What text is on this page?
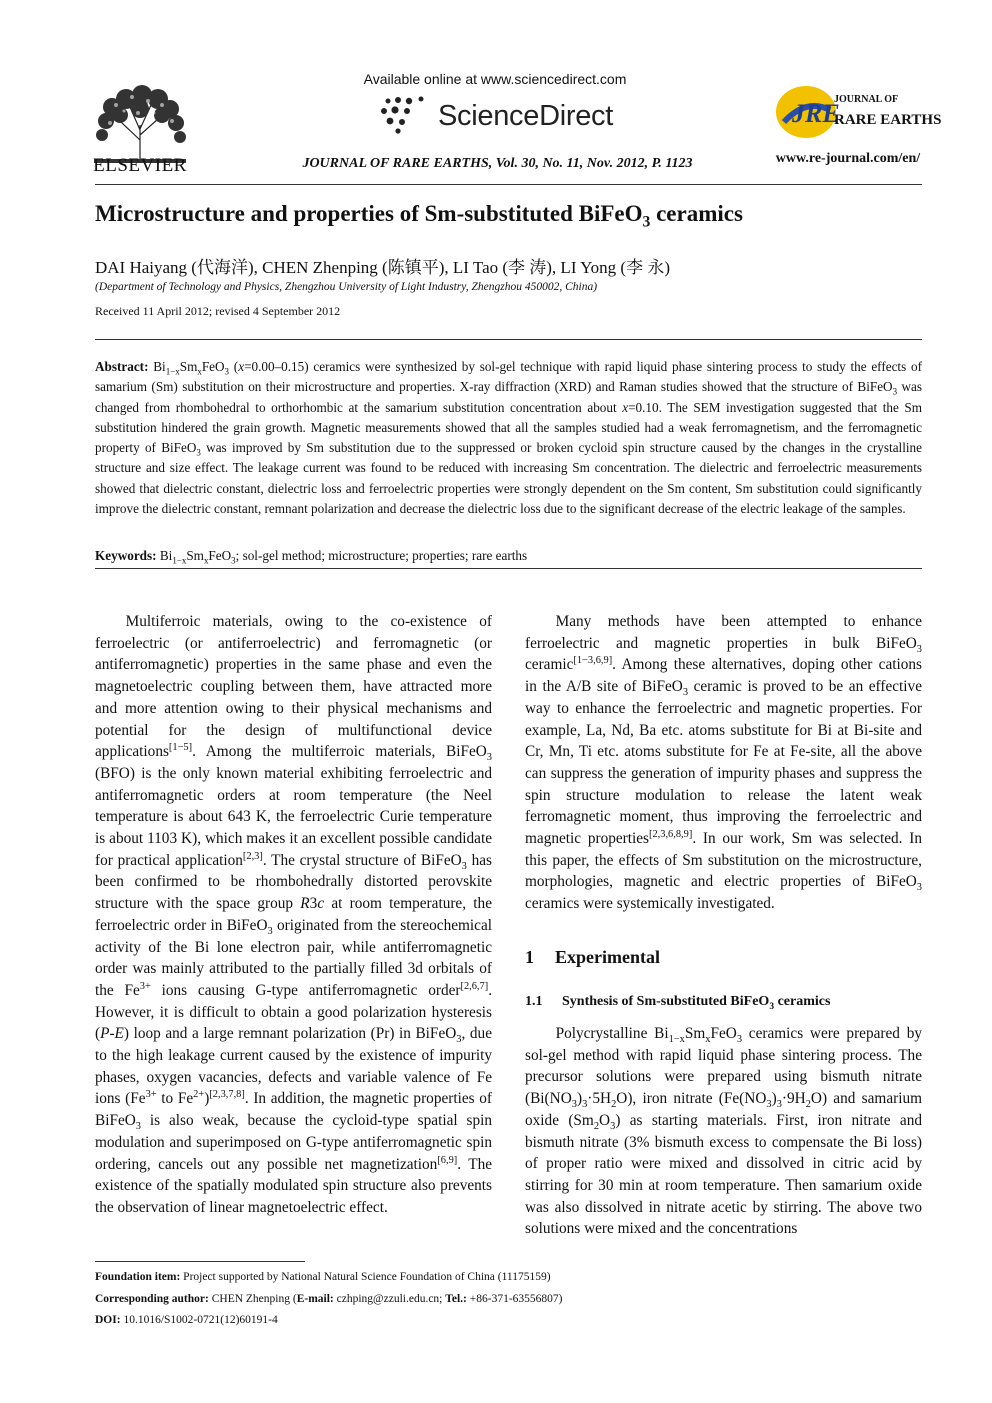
ELSEVIER
Available online at www.sciencedirect.com
ScienceDirect
JOURNAL OF RARE EARTHS, Vol. 30, No. 11, Nov. 2012, P. 1123
JRE
JOURNAL OF
RARE EARTHS
www.re-journal.com/en/
Microstructure and properties of Sm-substituted BiFeO$_3$ ceramics
DAI Haiyang (代海洋), CHEN Zhenping (陈镇平), LI Tao (李 涛), LI Yong (李 永)
(Department of Technology and Physics, Zhengzhou University of Light Industry, Zhengzhou 450002, China)
Received 11 April 2012; revised 4 September 2012
Abstract: $Bi_{1-x}Sm_xFeO_3$ (x=0.00–0.15) ceramics were synthesized by sol-gel technique with rapid liquid phase sintering process to study the effects of samarium (Sm) substitution on their microstructure and properties. X-ray diffraction (XRD) and Raman studies showed that the structure of BiFeO$_3$ was changed from rhombohedral to orthorhombic at the samarium substitution concentration about x=0.10. The SEM investigation suggested that the Sm substitution hindered the grain growth. Magnetic measurements showed that all the samples studied had a weak ferromagnetism, and the ferromagnetic property of BiFeO$_3$ was improved by Sm substitution due to the suppressed or broken cycloid spin structure caused by the changes in the crystalline structure and size effect. The leakage current was found to be reduced with increasing Sm concentration. The dielectric and ferroelectric measurements showed that dielectric constant, dielectric loss and ferroelectric properties were strongly dependent on the Sm content, Sm substitution could significantly improve the dielectric constant, remnant polarization and decrease the dielectric loss due to the significant decrease of the electric leakage of the samples.
Keywords: $Bi_{1-x}Sm_xFeO_3$; sol-gel method; microstructure; properties; rare earths

Multiferroic materials, owing to the co-existence of ferroelectric (or antiferroelectric) and ferromagnetic (or antiferromagnetic) properties in the same phase and even the magnetoelectric coupling between them, have attracted more and more attention owing to their physical mechanisms and potential for the design of multifunctional device applications[1−5]. Among the multiferroic materials, BiFeO$_3$ (BFO) is the only known material exhibiting ferroelectric and antiferromagnetic orders at room temperature (the Neel temperature is about 643 K, the ferroelectric Curie temperature is about 1103 K), which makes it an excellent possible candidate for practical application[2,3]. The crystal structure of BiFeO$_3$ has been confirmed to be rhombohedrally distorted perovskite structure with the space group R3c at room temperature, the ferroelectric order in BiFeO$_3$ originated from the stereochemical activity of the Bi lone electron pair, while antiferromagnetic order was mainly attributed to the partially filled 3d orbitals of the $Fe^{3+}$ ions causing G-type antiferromagnetic order[2,6,7]. However, it is difficult to obtain a good polarization hysteresis (P-E) loop and a large remnant polarization (Pr) in BiFeO$_3$, due to the high leakage current caused by the existence of impurity phases, oxygen vacancies, defects and variable valence of Fe ions ($Fe^{3+}$ to $Fe^{2+})[2,3,7,8]$. In addition, the magnetic properties of BiFeO$_3$ is also weak, because the cycloid-type spatial spin modulation and superimposed on G-type antiferromagnetic spin ordering, cancels out any possible net magnetization[6,9]. The existence of the spatially modulated spin structure also prevents the observation of linear magnetoelectric effect.

Many methods have been attempted to enhance ferroelectric and magnetic properties in bulk BiFeO$_3$ ceramic[1−3,6,9]. Among these alternatives, doping other cations in the A/B site of BiFeO$_3$ ceramic is proved to be an effective way to enhance the ferroelectric and magnetic properties. For example, La, Nd, Ba etc. atoms substitute for Bi at Bi-site and Cr, Mn, Ti etc. atoms substitute for Fe at Fe-site, all the above can suppress the generation of impurity phases and suppress the spin structure modulation to release the latent weak ferromagnetic moment, thus improving the ferroelectric and magnetic properties[2,3,6,8,9]. In our work, Sm was selected. In this paper, the effects of Sm substitution on the microstructure, morphologies, magnetic and electric properties of BiFeO$_3$ ceramics were systemically investigated.

1 Experimental
1.1 Synthesis of Sm-substituted BiFeO$_3$ ceramics

Polycrystalline $Bi_{1-x}Sm_xFeO_3$ ceramics were prepared by sol-gel method with rapid liquid phase sintering process. The precursor solutions were prepared using bismuth nitrate $(Bi(NO_3)_3\cdot 5H_2O)$, iron nitrate $(Fe(NO_3)_3\cdot 9H_2O)$ and samarium oxide $(Sm_2O_3)$ as starting materials. First, iron nitrate and bismuth nitrate (3% bismuth excess to compensate the Bi loss) of proper ratio were mixed and dissolved in citric acid by stirring for 30 min at room temperature. Then samarium oxide was also dissolved in nitrate acetic by stirring. The above two solutions were mixed and the concentrations

Foundation item: Project supported by National Natural Science Foundation of China (11175159)
Corresponding author: CHEN Zhenping (E-mail: czhping@zzuli.edu.cn; Tel.: +86-371-63556807)
DOI: 10.1016/S1002-0721(12)60191-4
